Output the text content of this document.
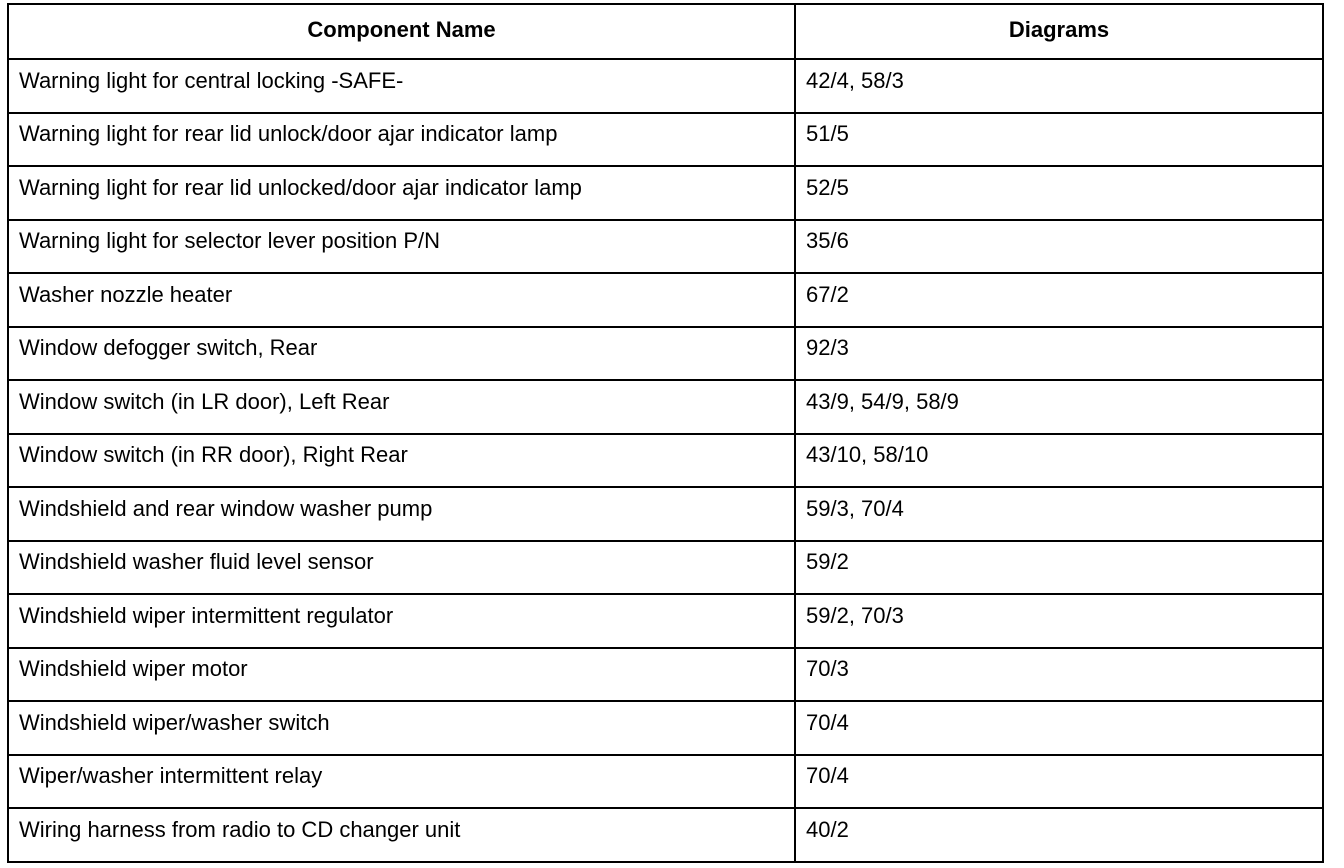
Component Name	Diagrams
Warning light for central locking -SAFE-	42/4, 58/3
Warning light for rear lid unlock/door ajar indicator lamp	51/5
Warning light for rear lid unlocked/door ajar indicator lamp	52/5
Warning light for selector lever position P/N	35/6
Washer nozzle heater	67/2
Window defogger switch, Rear	92/3
Window switch (in LR door), Left Rear	43/9, 54/9, 58/9
Window switch (in RR door), Right Rear	43/10, 58/10
Windshield and rear window washer pump	59/3, 70/4
Windshield washer fluid level sensor	59/2
Windshield wiper intermittent regulator	59/2, 70/3
Windshield wiper motor	70/3
Windshield wiper/washer switch	70/4
Wiper/washer intermittent relay	70/4
Wiring harness from radio to CD changer unit	40/2
